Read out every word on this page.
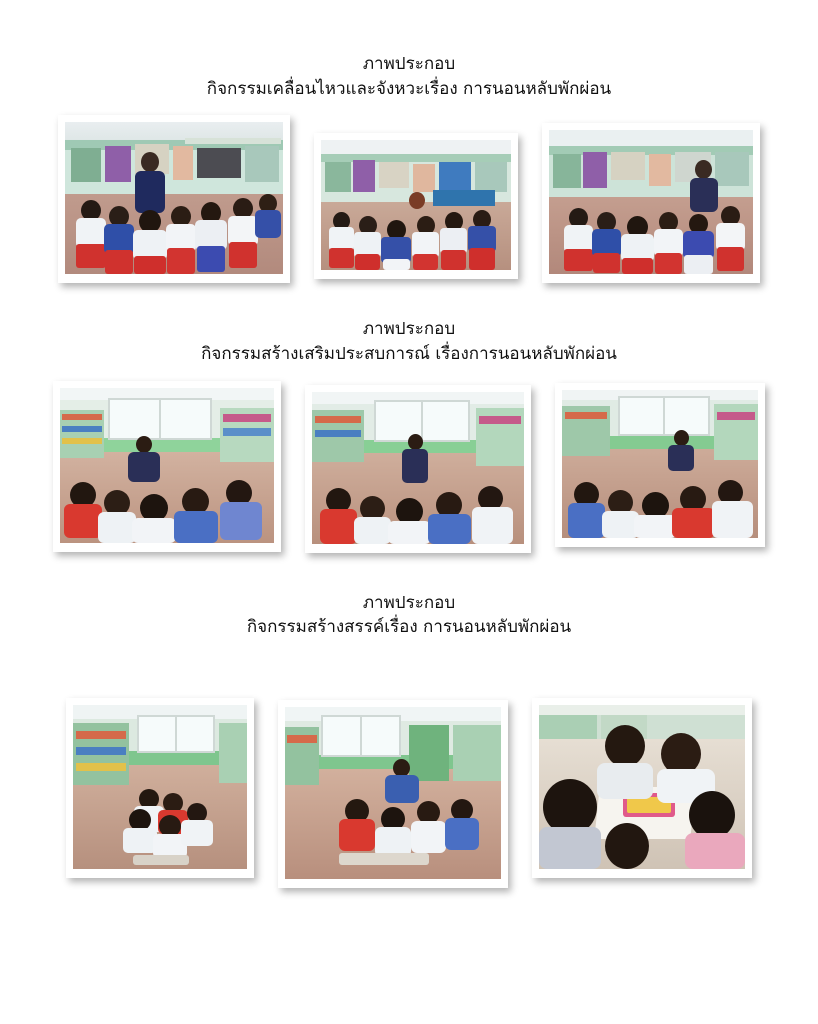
ภาพประกอบ
กิจกรรมเคลื่อนไหวและจังหวะเรื่อง การนอนหลับพักผ่อน
ภาพประกอบ
กิจกรรมสร้างเสริมประสบการณ์ เรื่องการนอนหลับพักผ่อน
ภาพประกอบ
กิจกรรมสร้างสรรค์เรื่อง การนอนหลับพักผ่อน
